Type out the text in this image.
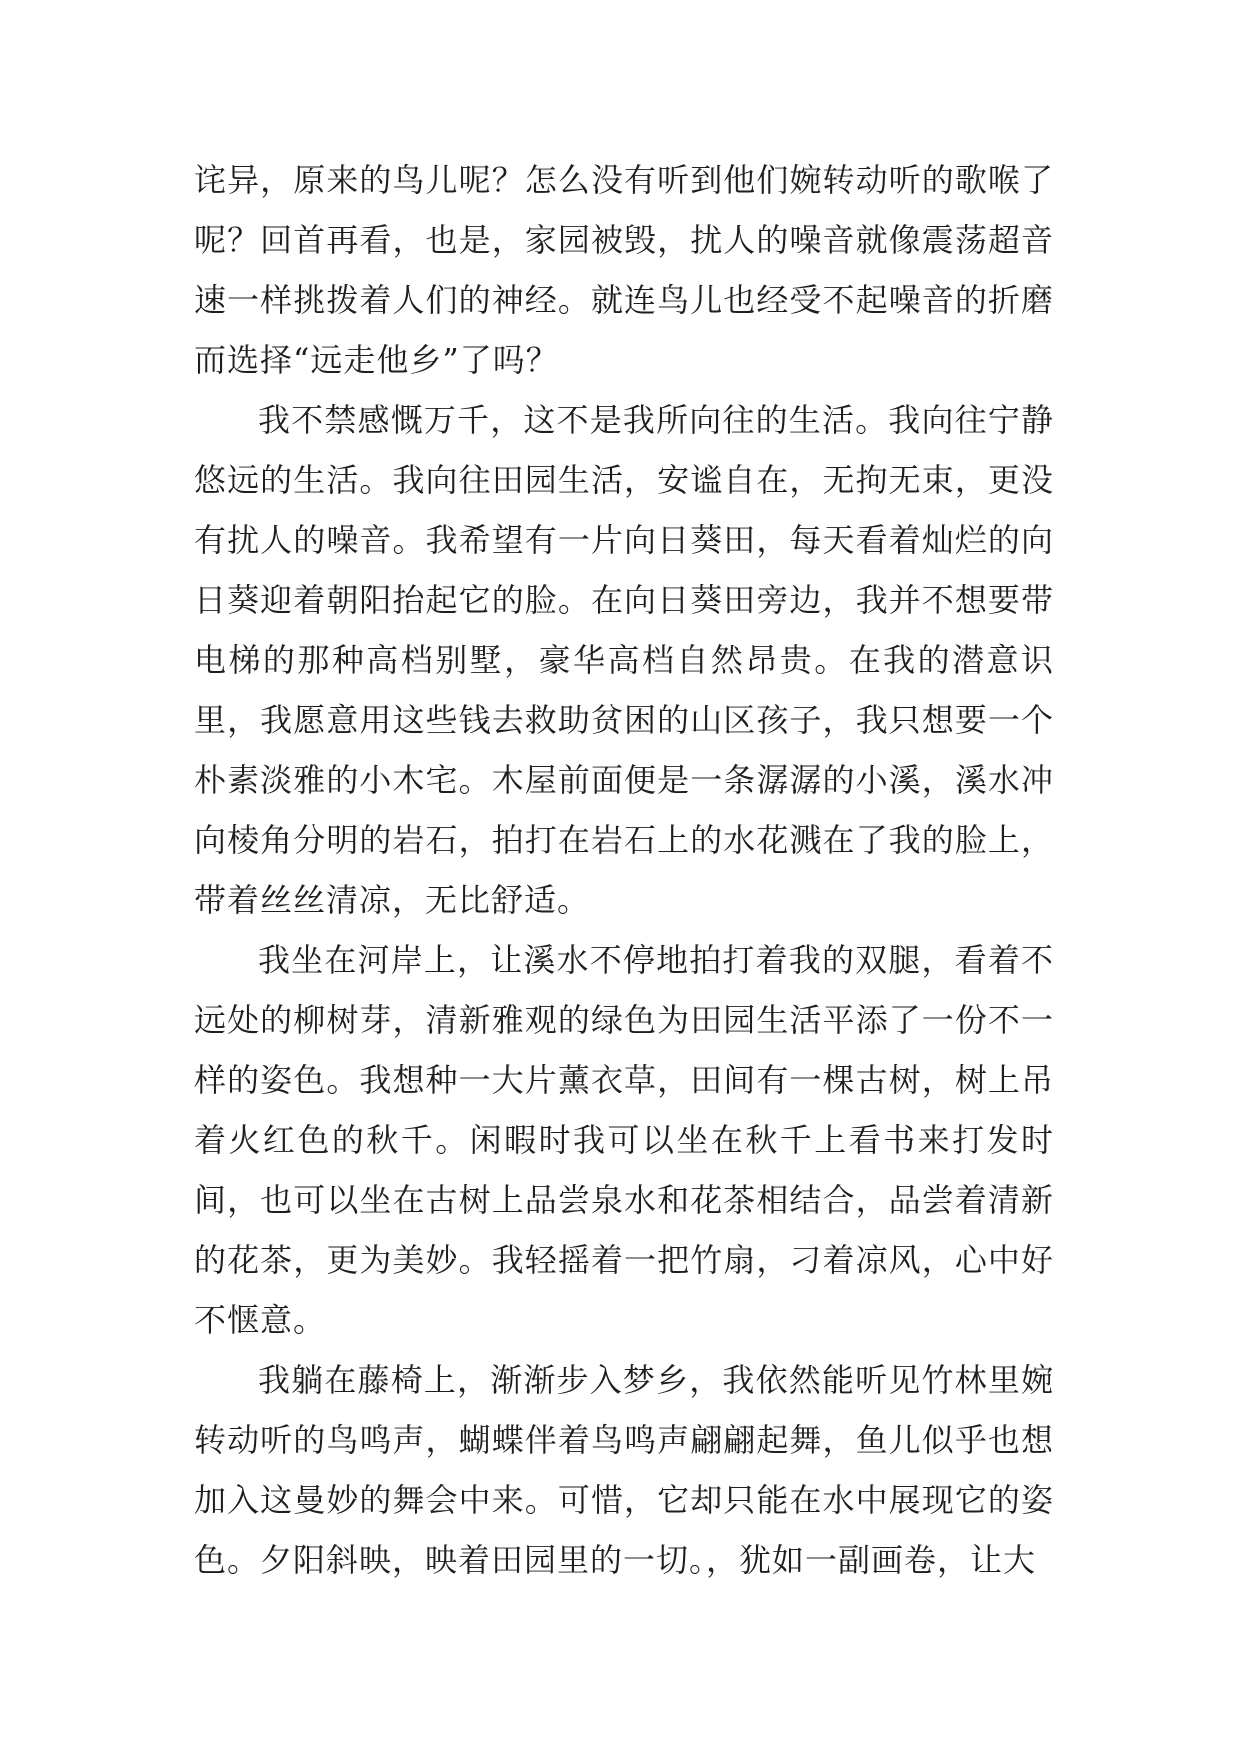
诧异，原来的鸟儿呢？怎么没有听到他们婉转动听的歌喉了呢？回首再看，也是，家园被毁，扰人的噪音就像震荡超音速一样挑拨着人们的神经。就连鸟儿也经受不起噪音的折磨而选择“远走他乡”了吗？

我不禁感慨万千，这不是我所向往的生活。我向往宁静悠远的生活。我向往田园生活，安谧自在，无拘无束，更没有扰人的噪音。我希望有一片向日葵田，每天看着灿烂的向日葵迎着朝阳抬起它的脸。在向日葵田旁边，我并不想要带电梯的那种高档别墅，豪华高档自然昂贵。在我的潜意识里，我愿意用这些钱去救助贫困的山区孩子，我只想要一个朴素淡雅的小木宅。木屋前面便是一条潺潺的小溪，溪水冲向棱角分明的岩石，拍打在岩石上的水花溅在了我的脸上，带着丝丝清凉，无比舒适。

我坐在河岸上，让溪水不停地拍打着我的双腿，看着不远处的柳树芽，清新雅观的绿色为田园生活平添了一份不一样的姿色。我想种一大片薰衣草，田间有一棵古树，树上吊着火红色的秋千。闲暇时我可以坐在秋千上看书来打发时间，也可以坐在古树上品尝泉水和花茶相结合，品尝着清新的花茶，更为美妙。我轻摇着一把竹扇，刁着凉风，心中好不惬意。

我躺在藤椅上，渐渐步入梦乡，我依然能听见竹林里婉转动听的鸟鸣声，蝴蝶伴着鸟鸣声翩翩起舞，鱼儿似乎也想加入这曼妙的舞会中来。可惜，它却只能在水中展现它的姿色。夕阳斜映，映着田园里的一切。，犹如一副画卷，让大
